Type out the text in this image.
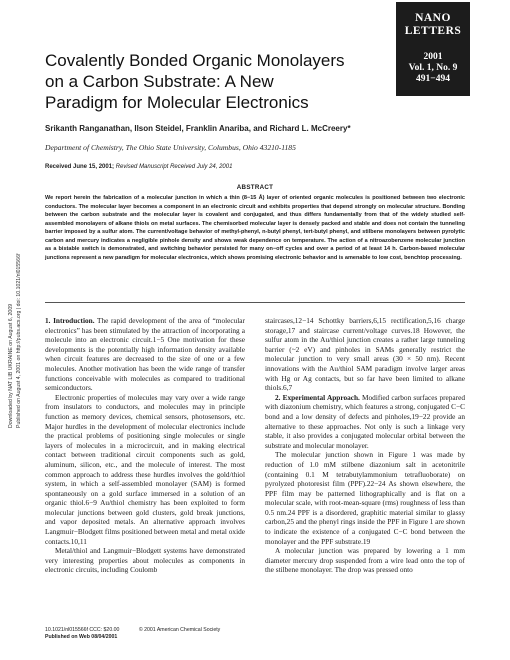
Downloaded by NAT LIB UKRAINE on August 6, 2009 Published on August 4, 2001 on http://pubs.acs.org | doi: 10.1021/nl015566f
NANO
LETTERS
2001
Vol. 1, No. 9
491−494
Covalently Bonded Organic Monolayers
on a Carbon Substrate: A New
Paradigm for Molecular Electronics
Srikanth Ranganathan, Ilson Steidel, Franklin Anariba, and Richard L. McCreery*
Department of Chemistry, The Ohio State University, Columbus, Ohio 43210-1185
Received June 15, 2001; Revised Manuscript Received July 24, 2001
ABSTRACT
We report herein the fabrication of a molecular junction in which a thin (8−15 Å) layer of oriented organic molecules is positioned between two electronic conductors. The molecular layer becomes a component in an electronic circuit and exhibits properties that depend strongly on molecular structure. Bonding between the carbon substrate and the molecular layer is covalent and conjugated, and thus differs fundamentally from that of the widely studied self-assembled monolayers of alkane thiols on metal surfaces. The chemisorbed molecular layer is densely packed and stable and does not contain the tunneling barrier imposed by a sulfur atom. The current/voltage behavior of methyl-phenyl, n-butyl phenyl, tert-butyl phenyl, and stilbene monolayers between pyrolytic carbon and mercury indicates a negligible pinhole density and shows weak dependence on temperature. The action of a nitroazobenzene molecular junction as a bistable switch is demonstrated, and switching behavior persisted for many on−off cycles and over a period of at least 14 h. Carbon-based molecular junctions represent a new paradigm for molecular electronics, which shows promising electronic behavior and is amenable to low cost, benchtop processing.

1. Introduction. The rapid development of the area of “molecular electronics” has been stimulated by the attraction of incorporating a molecule into an electronic circuit.1−5 One motivation for these developments is the potentially high information density available when circuit features are decreased to the size of one or a few molecules. Another motivation has been the wide range of transfer functions conceivable with molecules as compared to traditional semiconductors.

Electronic properties of molecules may vary over a wide range from insulators to conductors, and molecules may in principle function as memory devices, chemical sensors, photosensors, etc. Major hurdles in the development of molecular electronics include the practical problems of positioning single molecules or single layers of molecules in a microcircuit, and in making electrical contact between traditional circuit components such as gold, aluminum, silicon, etc., and the molecule of interest. The most common approach to address these hurdles involves the gold/thiol system, in which a self-assembled monolayer (SAM) is formed spontaneously on a gold surface immersed in a solution of an organic thiol.6−9 Au/thiol chemistry has been exploited to form molecular junctions between gold clusters, gold break junctions, and vapor deposited metals. An alternative approach involves Langmuir−Blodgett films positioned between metal and metal oxide contacts.10,11

Metal/thiol and Langmuir−Blodgett systems have demonstrated very interesting properties about molecules as components in electronic circuits, including Coulomb

staircases,12−14 Schottky barriers,6,15 rectification,5,16 charge storage,17 and staircase current/voltage curves.18 However, the sulfur atom in the Au/thiol junction creates a rather large tunneling barrier (~2 eV) and pinholes in SAMs generally restrict the molecular junction to very small areas (30 × 50 nm). Recent innovations with the Au/thiol SAM paradigm involve larger areas with Hg or Ag contacts, but so far have been limited to alkane thiols.6,7

2. Experimental Approach. Modified carbon surfaces prepared with diazonium chemistry, which features a strong, conjugated C−C bond and a low density of defects and pinholes,19−22 provide an alternative to these approaches. Not only is such a linkage very stable, it also provides a conjugated molecular orbital between the substrate and molecular monolayer.

The molecular junction shown in Figure 1 was made by reduction of 1.0 mM stilbene diazonium salt in acetonitrile (containing 0.1 M tetrabutylammonium tetrafluoborate) on pyrolyzed photoresist film (PPF).22−24 As shown elsewhere, the PPF film may be patterned lithographically and is flat on a molecular scale, with root-mean-square (rms) roughness of less than 0.5 nm.24 PPF is a disordered, graphitic material similar to glassy carbon,25 and the phenyl rings inside the PPF in Figure 1 are shown to indicate the existence of a conjugated C−C bond between the monolayer and the PPF substrate.19

A molecular junction was prepared by lowering a 1 mm diameter mercury drop suspended from a wire lead onto the top of the stilbene monolayer. The drop was pressed onto

10.1021/nl015566f CCC: $20.00	© 2001 American Chemical Society
Published on Web 08/04/2001
